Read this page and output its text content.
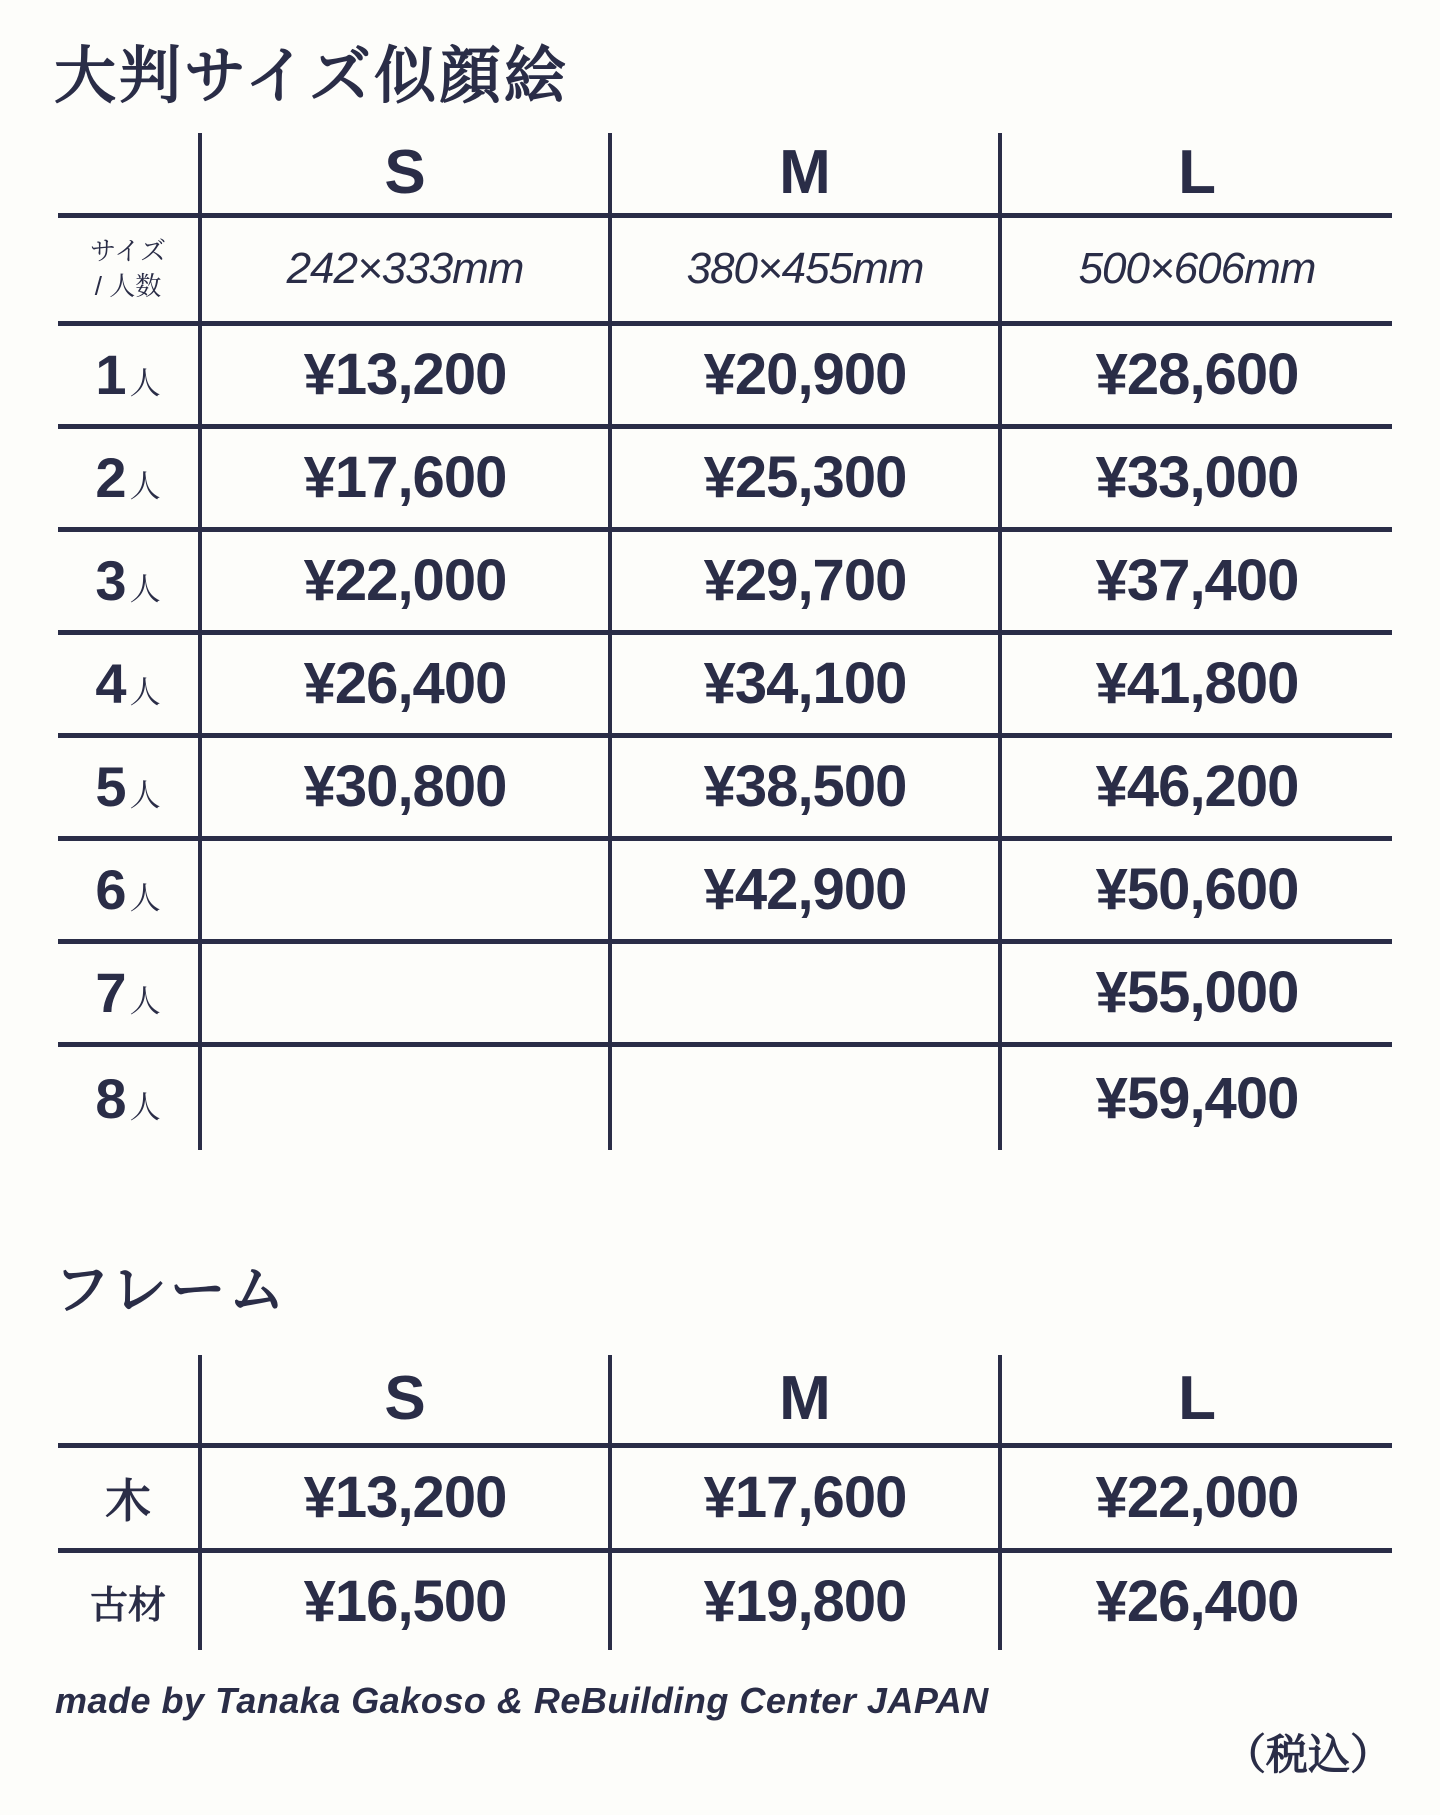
大判サイズ似顔絵
	S	M	L

サイズ
/ 人数	242×333mm	380×455mm	500×606mm
1人	¥13,200	¥20,900	¥28,600
2人	¥17,600	¥25,300	¥33,000
3人	¥22,000	¥29,700	¥37,400
4人	¥26,400	¥34,100	¥41,800
5人	¥30,800	¥38,500	¥46,200
6人		¥42,900	¥50,600
7人			¥55,000
8人			¥59,400
フレーム
	S	M	L
木	¥13,200	¥17,600	¥22,000
古材	¥16,500	¥19,800	¥26,400
made by Tanaka Gakoso & ReBuilding Center JAPAN
（税込）
